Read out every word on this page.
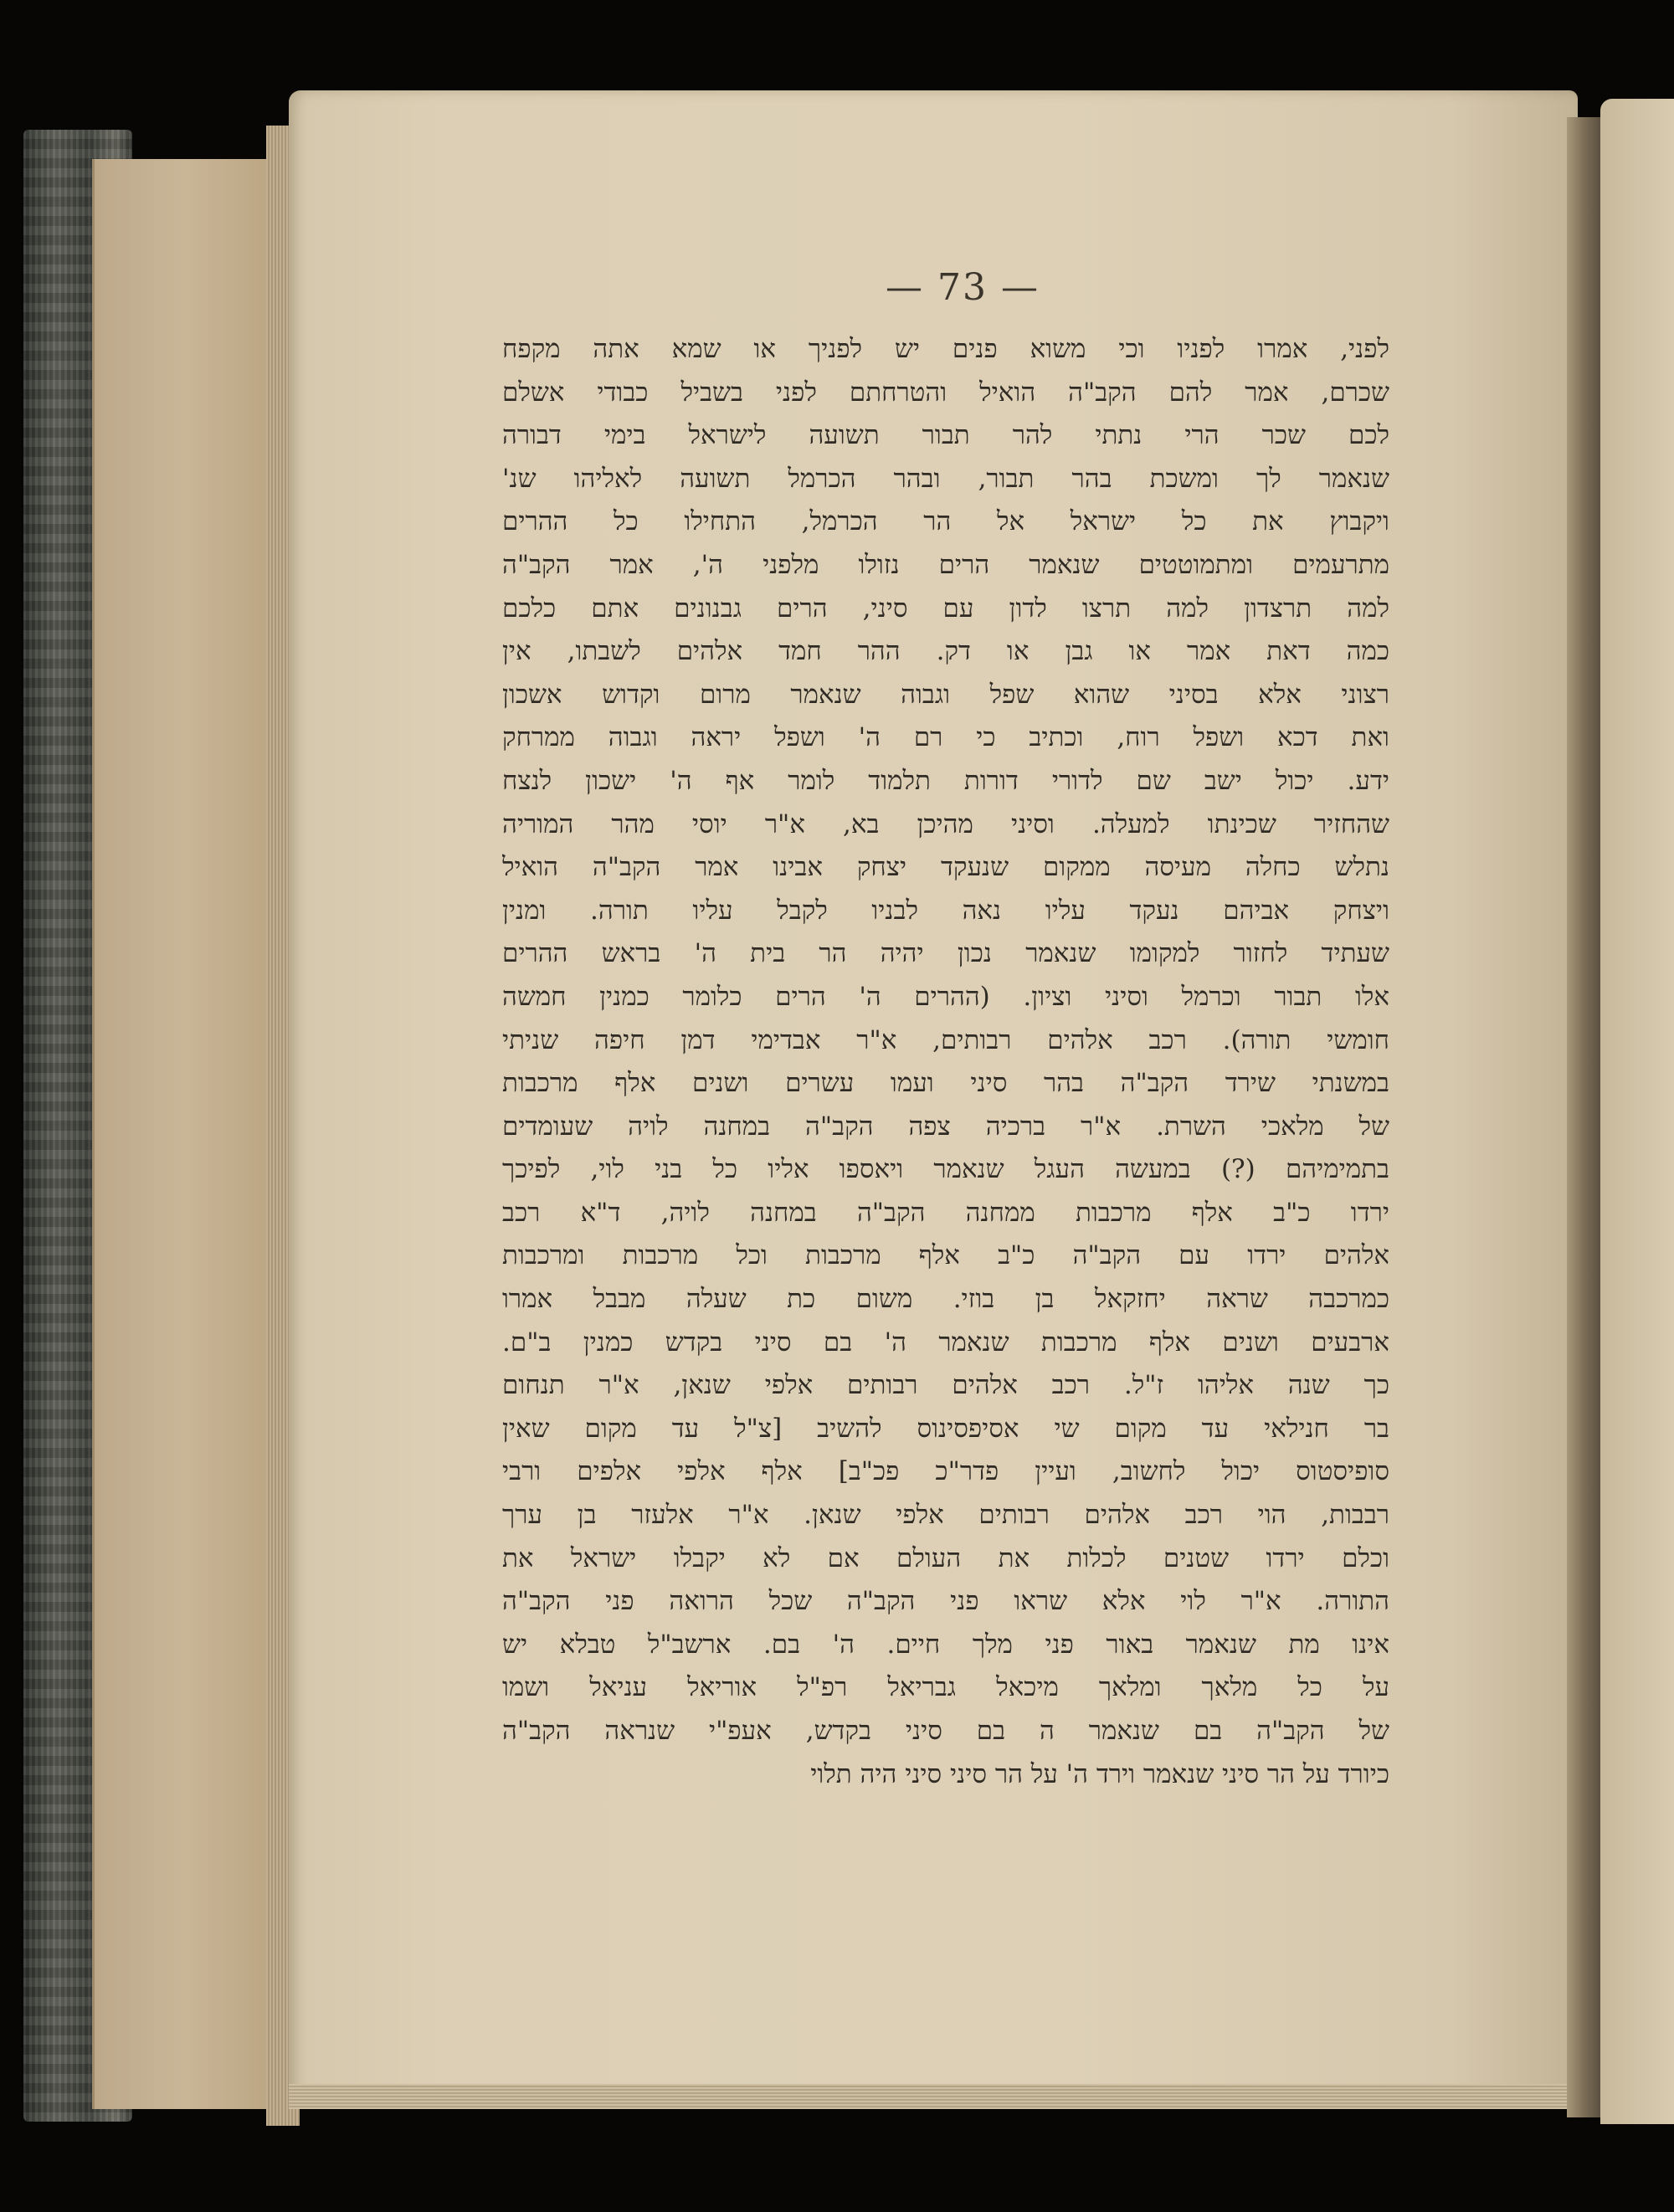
— 73 —
לפני, אמרו לפניו וכי משוא פנים יש לפניך או שמא אתה מקפח
שכרם, אמר להם הקב"ה הואיל והטרחתם לפני בשביל כבודי אשלם
לכם שכר הרי נתתי להר תבור תשועה לישראל בימי דבורה
שנאמר לך ומשכת בהר תבור, ובהר הכרמל תשועה לאליהו שנ'
ויקבוץ את כל ישראל אל הר הכרמל, התחילו כל ההרים
מתרעמים ומתמוטטים שנאמר הרים נזולו מלפני ה', אמר הקב"ה
למה תרצדון למה תרצו לדון עם סיני, הרים גבנונים אתם כלכם
כמה דאת אמר או גבן או דק. ההר חמד אלהים לשבתו, אין
רצוני אלא בסיני שהוא שפל וגבוה שנאמר מרום וקדוש אשכון
ואת דכא ושפל רוח, וכתיב כי רם ה' ושפל יראה וגבוה ממרחק
ידע. יכול ישב שם לדורי דורות תלמוד לומר אף ה' ישכון לנצח
שהחזיר שכינתו למעלה. וסיני מהיכן בא, א"ר יוסי מהר המוריה
נתלש כחלה מעיסה ממקום שנעקד יצחק אבינו אמר הקב"ה הואיל
ויצחק אביהם נעקד עליו נאה לבניו לקבל עליו תורה. ומנין
שעתיד לחזור למקומו שנאמר נכון יהיה הר בית ה' בראש ההרים
אלו תבור וכרמל וסיני וציון. (ההרים ה' הרים כלומר כמנין חמשה
חומשי תורה). רכב אלהים רבותים, א"ר אבדימי דמן חיפה שניתי
במשנתי שירד הקב"ה בהר סיני ועמו עשרים ושנים אלף מרכבות
של מלאכי השרת. א"ר ברכיה צפה הקב"ה במחנה לויה שעומדים
בתמימיהם (?) במעשה העגל שנאמר ויאספו אליו כל בני לוי, לפיכך
ירדו כ"ב אלף מרכבות ממחנה הקב"ה במחנה לויה, ד"א רכב
אלהים ירדו עם הקב"ה כ"ב אלף מרכבות וכל מרכבות ומרכבות
כמרכבה שראה יחזקאל בן בוזי. משום כת שעלה מבבל אמרו
ארבעים ושנים אלף מרכבות שנאמר ה' בם סיני בקדש כמנין ב"ם.
כך שנה אליהו ז"ל. רכב אלהים רבותים אלפי שנאן, א"ר תנחום
בר חנילאי עד מקום שי אסיפסינוס להשיב [צ"ל עד מקום שאין
סופיסטוס יכול לחשוב, ועיין פדר"כ פכ"ב] אלף אלפי אלפים ורבי
רבבות, הוי רכב אלהים רבותים אלפי שנאן. א"ר אלעזר בן ערך
וכלם ירדו שטנים לכלות את העולם אם לא יקבלו ישראל את
התורה. א"ר לוי אלא שראו פני הקב"ה שכל הרואה פני הקב"ה
אינו מת שנאמר באור פני מלך חיים. ה' בם. ארשב"ל טבלא יש
על כל מלאך ומלאך מיכאל גבריאל רפ"ל אוריאל עניאל ושמו
של הקב"ה בם שנאמר ה בם סיני בקדש, אעפ"י שנראה הקב"ה
כיורד על הר סיני שנאמר וירד ה' על הר סיני סיני היה תלוי
